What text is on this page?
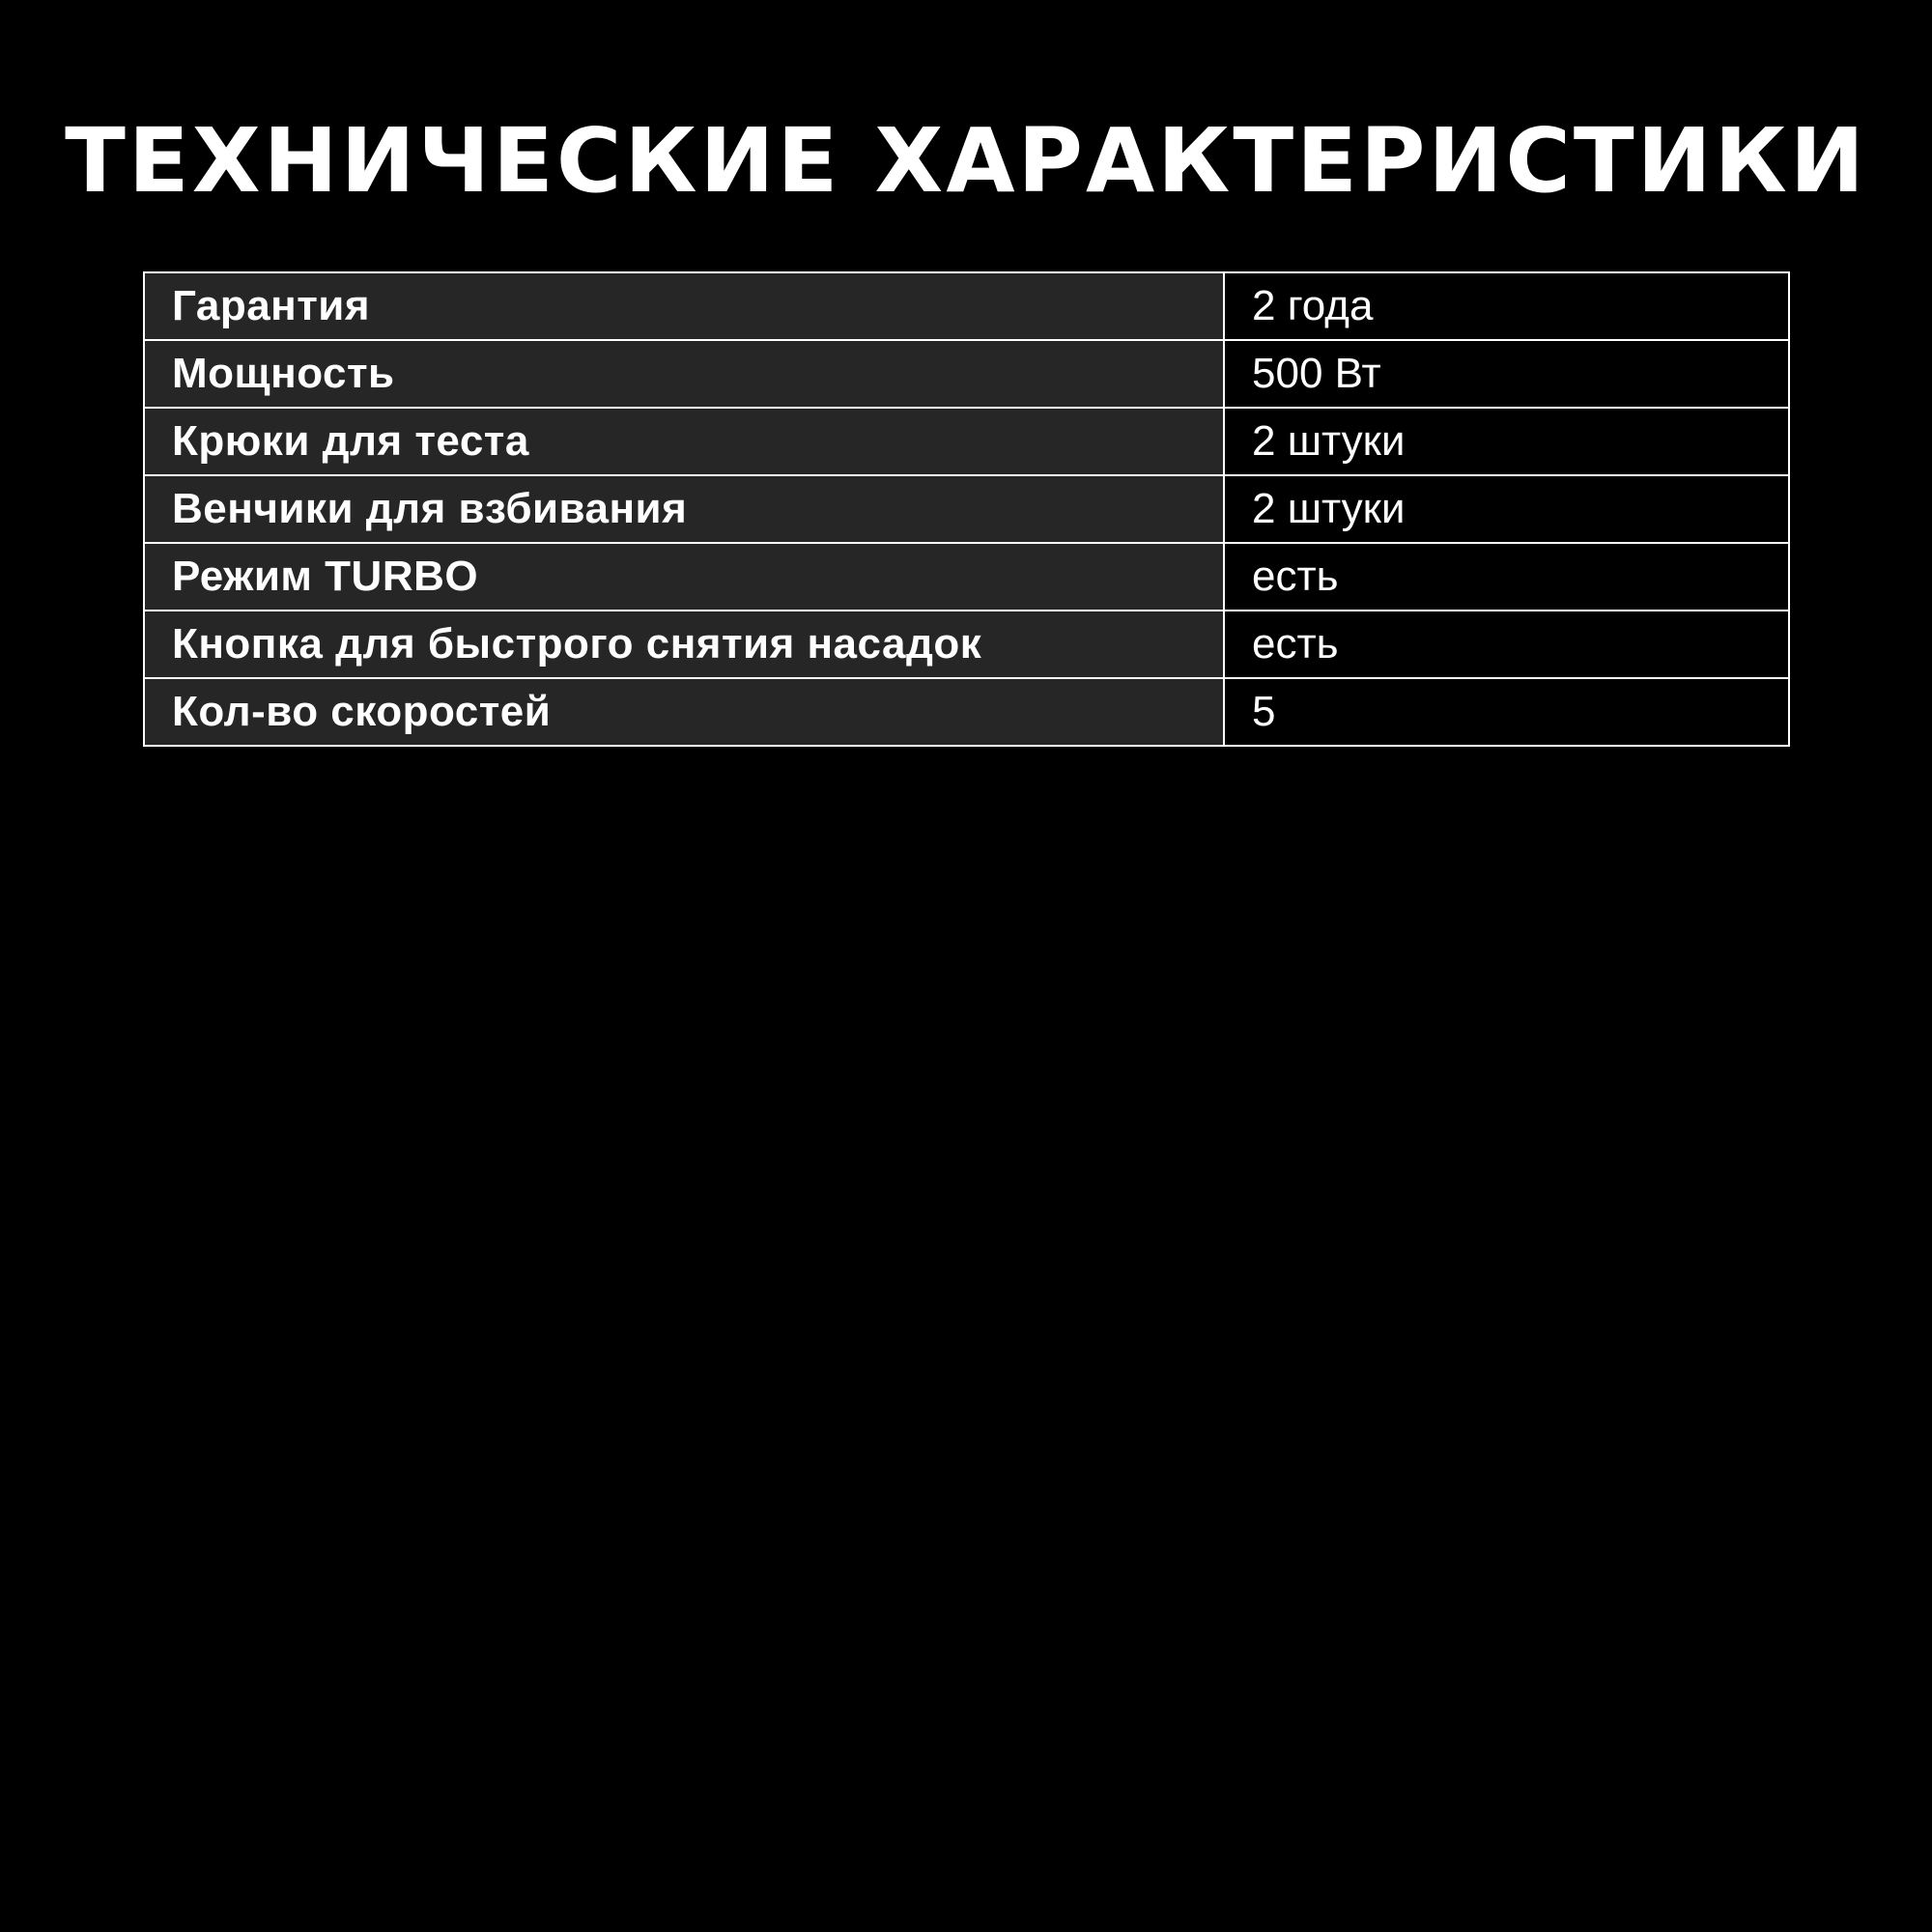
ТЕХНИЧЕСКИЕ ХАРАКТЕРИСТИКИ
Гарантия	2 года
Мощность	500 Вт
Крюки для теста	2 штуки
Венчики для взбивания	2 штуки
Режим TURBO	есть
Кнопка для быстрого снятия насадок	есть
Кол-во скоростей	5
